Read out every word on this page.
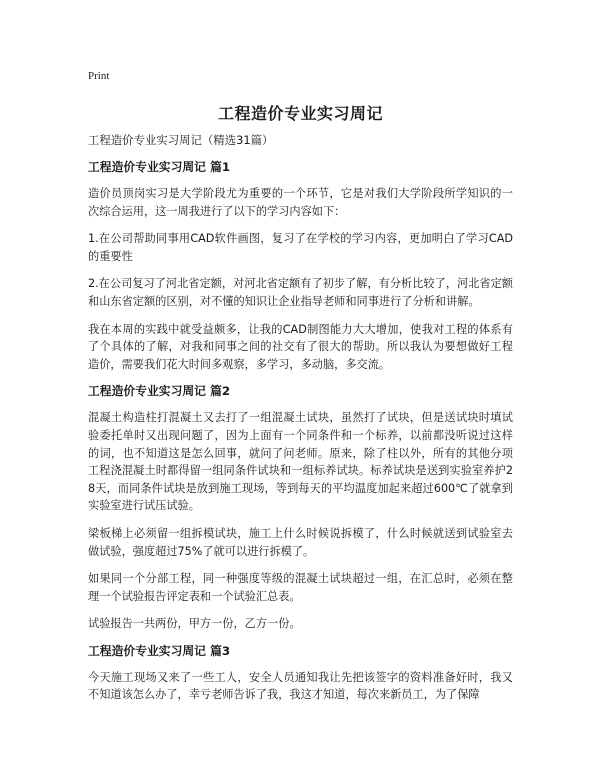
Print
工程造价专业实习周记

工程造价专业实习周记（精选31篇）

工程造价专业实习周记 篇1

造价员顶岗实习是大学阶段尤为重要的一个环节，它是对我们大学阶段所学知识的一次综合运用，这一周我进行了以下的学习内容如下：

1.在公司帮助同事用CAD软件画图，复习了在学校的学习内容，更加明白了学习CAD的重要性

2.在公司复习了河北省定额，对河北省定额有了初步了解，有分析比较了，河北省定额和山东省定额的区别，对不懂的知识让企业指导老师和同事进行了分析和讲解。

我在本周的实践中就受益颇多，让我的CAD制图能力大大增加，使我对工程的体系有了个具体的了解，对我和同事之间的社交有了很大的帮助。所以我认为要想做好工程造价，需要我们花大时间多观察，多学习，多动脑，多交流。

工程造价专业实习周记 篇2

混凝土构造柱打混凝土又去打了一组混凝土试块，虽然打了试块，但是送试块时填试验委托单时又出现问题了，因为上面有一个同条件和一个标养，以前都没听说过这样的词，也不知道这是怎么回事，就问了问老师。原来，除了柱以外，所有的其他分项工程浇混凝土时都得留一组同条件试块和一组标养试块。标养试块是送到实验室养护28天，而同条件试块是放到施工现场，等到每天的平均温度加起来超过600℃了就拿到实验室进行试压试验。

梁板梯上必须留一组拆模试块，施工上什么时候说拆模了，什么时候就送到试验室去做试验，强度超过75%了就可以进行拆模了。

如果同一个分部工程，同一种强度等级的混凝土试块超过一组，在汇总时，必须在整理一个试验报告评定表和一个试验汇总表。

试验报告一共两份，甲方一份，乙方一份。

工程造价专业实习周记 篇3

今天施工现场又来了一些工人，安全人员通知我让先把该签字的资料准备好时，我又不知道该怎么办了，幸亏老师告诉了我，我这才知道，每次来新员工，为了保障
